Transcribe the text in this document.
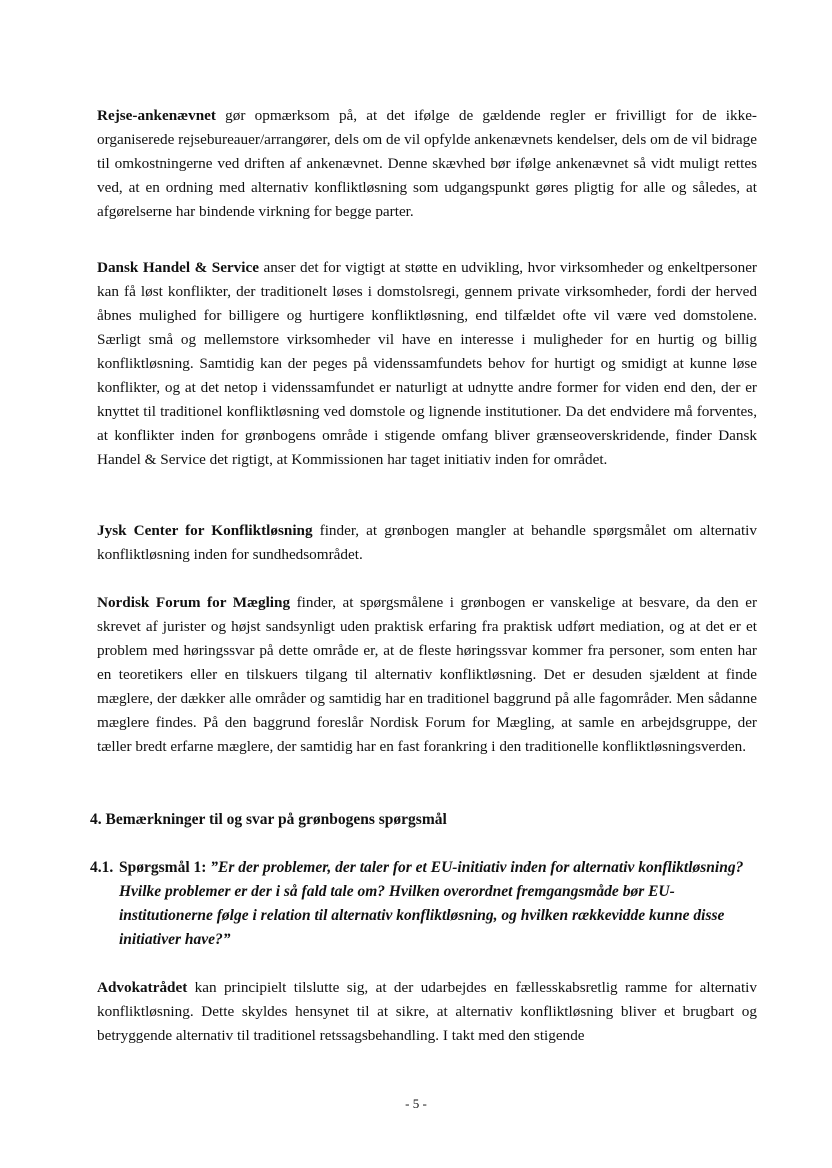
Rejse-ankenævnet gør opmærksom på, at det ifølge de gældende regler er frivilligt for de ikke-organiserede rejsebureauer/arrangører, dels om de vil opfylde ankenævnets kendelser, dels om de vil bidrage til omkostningerne ved driften af ankenævnet. Denne skævhed bør ifølge ankenævnet så vidt muligt rettes ved, at en ordning med alternativ konfliktløsning som udgangspunkt gøres pligtig for alle og således, at afgørelserne har bindende virkning for begge parter.

Dansk Handel & Service anser det for vigtigt at støtte en udvikling, hvor virksomheder og enkeltpersoner kan få løst konflikter, der traditionelt løses i domstolsregi, gennem private virksomheder, fordi der herved åbnes mulighed for billigere og hurtigere konfliktløsning, end tilfældet ofte vil være ved domstolene. Særligt små og mellemstore virksomheder vil have en interesse i muligheder for en hurtig og billig konfliktløsning. Samtidig kan der peges på videnssamfundets behov for hurtigt og smidigt at kunne løse konflikter, og at det netop i videnssamfundet er naturligt at udnytte andre former for viden end den, der er knyttet til traditionel konfliktløsning ved domstole og lignende institutioner. Da det endvidere må forventes, at konflikter inden for grønbogens område i stigende omfang bliver grænseoverskridende, finder Dansk Handel & Service det rigtigt, at Kommissionen har taget initiativ inden for området.

Jysk Center for Konfliktløsning finder, at grønbogen mangler at behandle spørgsmålet om alternativ konfliktløsning inden for sundhedsområdet.

Nordisk Forum for Mægling finder, at spørgsmålene i grønbogen er vanskelige at besvare, da den er skrevet af jurister og højst sandsynligt uden praktisk erfaring fra praktisk udført mediation, og at det er et problem med høringssvar på dette område er, at de fleste høringssvar kommer fra personer, som enten har en teoretikers eller en tilskuers tilgang til alternativ konfliktløsning. Det er desuden sjældent at finde mæglere, der dækker alle områder og samtidig har en traditionel baggrund på alle fagområder. Men sådanne mæglere findes. På den baggrund foreslår Nordisk Forum for Mægling, at samle en arbejdsgruppe, der tæller bredt erfarne mæglere, der samtidig har en fast forankring i den traditionelle konfliktløsningsverden.

4. Bemærkninger til og svar på grønbogens spørgsmål
4.1. Spørgsmål 1: ”Er der problemer, der taler for et EU-initiativ inden for alternativ konfliktløsning? Hvilke problemer er der i så fald tale om? Hvilken overordnet fremgangsmåde bør EU-institutionerne følge i relation til alternativ konfliktløsning, og hvilken rækkevidde kunne disse initiativer have?”

Advokatrådet kan principielt tilslutte sig, at der udarbejdes en fællesskabsretlig ramme for alternativ konfliktløsning. Dette skyldes hensynet til at sikre, at alternativ konfliktløsning bliver et brugbart og betryggende alternativ til traditionel retssagsbehandling. I takt med den stigende

- 5 -
